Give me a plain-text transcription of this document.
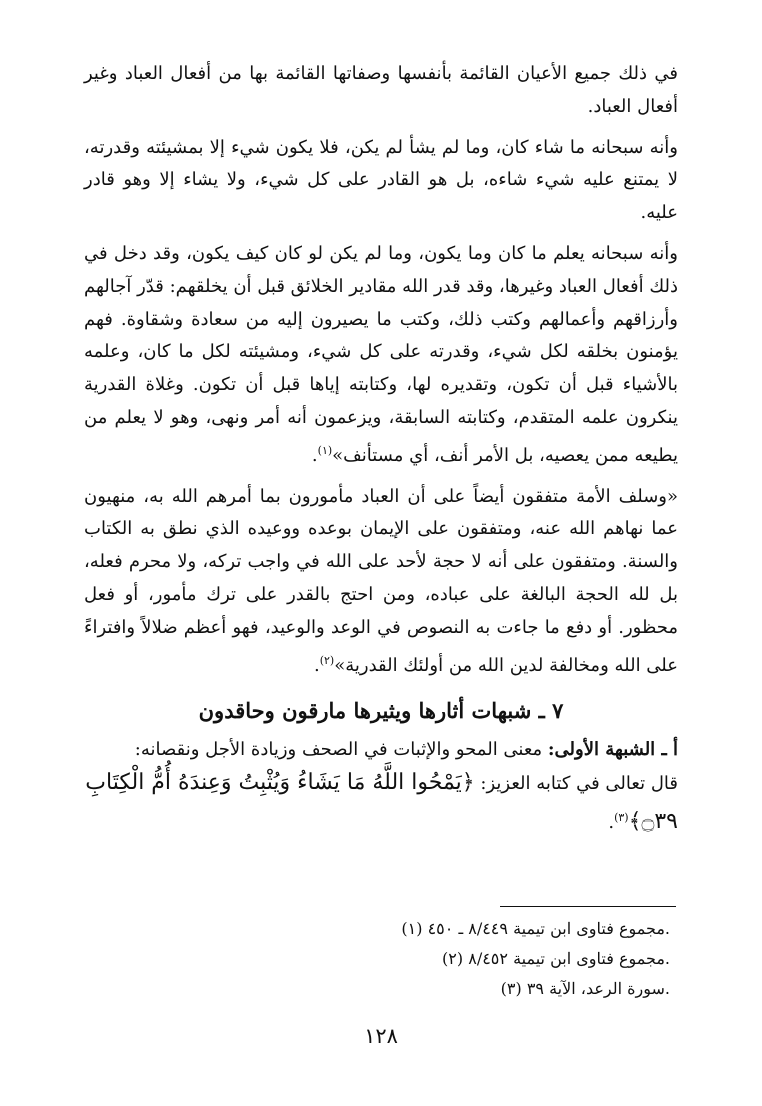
في ذلك جميع الأعيان القائمة بأنفسها وصفاتها القائمة بها من أفعال العباد وغير أفعال العباد.

وأنه سبحانه ما شاء كان، وما لم يشأ لم يكن، فلا يكون شيء إلا بمشيئته وقدرته، لا يمتنع عليه شيء شاءه، بل هو القادر على كل شيء، ولا يشاء إلا وهو قادر عليه.

وأنه سبحانه يعلم ما كان وما يكون، وما لم يكن لو كان كيف يكون، وقد دخل في ذلك أفعال العباد وغيرها، وقد قدر الله مقادير الخلائق قبل أن يخلقهم: قدّر آجالهم وأرزاقهم وأعمالهم وكتب ذلك، وكتب ما يصيرون إليه من سعادة وشقاوة. فهم يؤمنون بخلقه لكل شيء، وقدرته على كل شيء، ومشيئته لكل ما كان، وعلمه بالأشياء قبل أن تكون، وتقديره لها، وكتابته إياها قبل أن تكون. وغلاة القدرية ينكرون علمه المتقدم، وكتابته السابقة، ويزعمون أنه أمر ونهى، وهو لا يعلم من يطيعه ممن يعصيه، بل الأمر أنف، أي مستأنف»$^{(١)}$.

«وسلف الأمة متفقون أيضاً على أن العباد مأمورون بما أمرهم الله به، منهيون عما نهاهم الله عنه، ومتفقون على الإيمان بوعده ووعيده الذي نطق به الكتاب والسنة. ومتفقون على أنه لا حجة لأحد على الله في واجب تركه، ولا محرم فعله، بل لله الحجة البالغة على عباده، ومن احتج بالقدر على ترك مأمور، أو فعل محظور. أو دفع ما جاءت به النصوص في الوعد والوعيد، فهو أعظم ضلالاً وافتراءً على الله ومخالفة لدين الله من أولئك القدرية»$^{(٢)}$.

٧ ـ شبهات أثارها ويثيرها مارقون وحاقدون

أ ـ الشبهة الأولى: معنى المحو والإثبات في الصحف وزيادة الأجل ونقصانه:

قال تعالى في كتابه العزيز: ﴿يَمْحُوا اللَّهُ مَا يَشَاءُ وَيُثْبِتُ وَعِندَهُ أُمُّ الْكِتَابِ ۝٣٩﴾$^{(٣)}$.

(١) مجموع فتاوى ابن تيمية ٨/٤٤٩ ـ ٤٥٠.

(٢) مجموع فتاوى ابن تيمية ٨/٤٥٢.

(٣) سورة الرعد، الآية ٣٩.

١٢٨
